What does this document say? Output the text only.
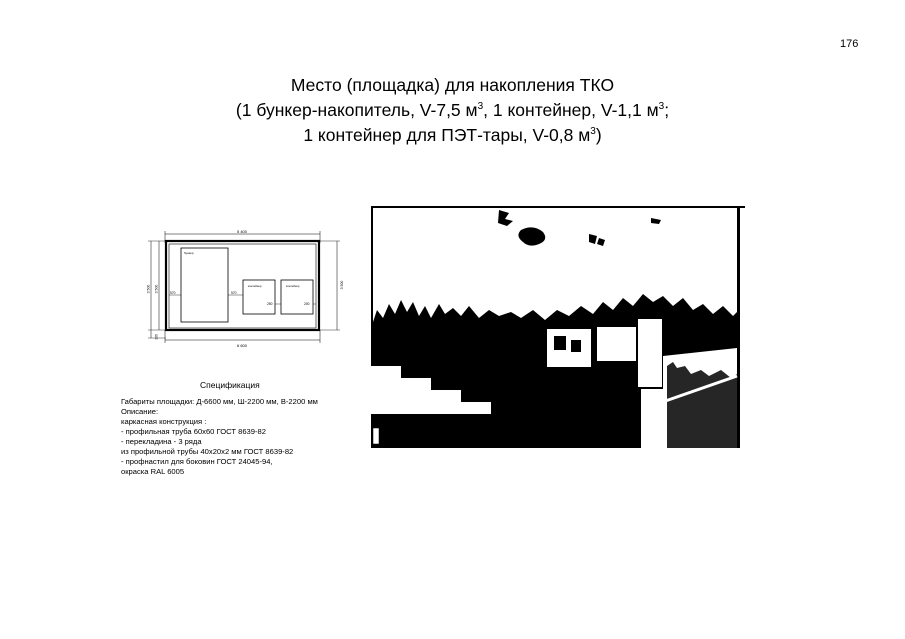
176
Место (площадка) для накопления ТКО
(1 бункер-накопитель, V-7,5 $м^3$, 1 контейнер, V-1,1 $м^3$;
1 контейнер для ПЭТ-тары, V-0,8 $м^3$)
5 400
бункер
контейнер	контейнер
570	570
250	200
3 500 3 500
300
3 500
6 600
Спецификация
Габариты площадки: Д-6600 мм, Ш-2200 мм, В-2200 мм
Описание:
каркасная конструкция :
- профильная труба 60х60 ГОСТ 8639-82
- перекладина - 3 ряда
из профильной трубы 40х20х2 мм ГОСТ 8639-82
- профнастил для боковин ГОСТ 24045-94,
окраска RAL 6005
